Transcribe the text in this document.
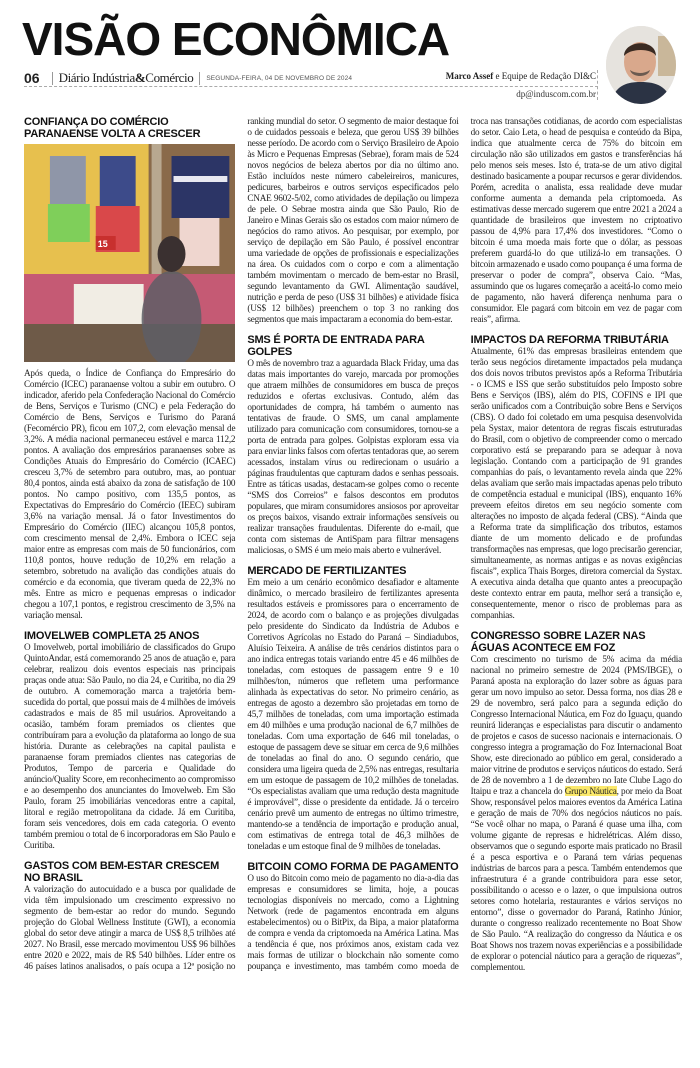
VISÃO ECONÔMICA
06 Diário Indústria&Comércio SEGUNDA-FEIRA, 04 DE NOVEMBRO DE 2024	Marco Assef e Equipe de Redação DI&C
dp@induscom.com.br
CONFIANÇA DO COMÉRCIO PARANAENSE VOLTA A CRESCER
15

Após queda, o Índice de Confiança do Empresário do Comércio (ICEC) paranaense voltou a subir em outubro. O indicador, aferido pela Confederação Nacional do Comércio de Bens, Serviços e Turismo (CNC) e pela Federação do Comércio de Bens, Serviços e Turismo do Paraná (Fecomércio PR), ficou em 107,2, com elevação mensal de 3,2%. A média nacional permaneceu estável e marca 112,2 pontos. A avaliação dos empresários paranaenses sobre as Condições Atuais do Empresário do Comércio (ICAEC) cresceu 3,7% de setembro para outubro, mas, ao pontuar 80,4 pontos, ainda está abaixo da zona de satisfação de 100 pontos. No campo positivo, com 135,5 pontos, as Expectativas do Empresário do Comércio (IEEC) subiram 3,6% na variação mensal. Já o fator Investimentos do Empresário do Comércio (IIEC) alcançou 105,8 pontos, com crescimento mensal de 2,4%. Embora o ICEC seja maior entre as empresas com mais de 50 funcionários, com 110,8 pontos, houve redução de 10,2% em relação a setembro, sobretudo na avalição das condições atuais do comércio e da economia, que tiveram queda de 22,3% no mês. Entre as micro e pequenas empresas o indicador chegou a 107,1 pontos, e registrou crescimento de 3,5% na variação mensal.

IMOVELWEB COMPLETA 25 ANOS

O Imovelweb, portal imobiliário de classificados do Grupo QuintoAndar, está comemorando 25 anos de atuação e, para celebrar, realizou dois eventos especiais nas principais praças onde atua: São Paulo, no dia 24, e Curitiba, no dia 29 de outubro. A comemoração marca a trajetória bem-sucedida do portal, que possui mais de 4 milhões de imóveis cadastrados e mais de 85 mil usuários. Aproveitando a ocasião, também foram premiados os clientes que contribuíram para a evolução da plataforma ao longo de sua história. Durante as celebrações na capital paulista e paranaense foram premiados clientes nas categorias de Produtos, Tempo de parceria e Qualidade do anúncio/Quality Score, em reconhecimento ao compromisso e ao desempenho dos anunciantes do Imovelweb. Em São Paulo, foram 25 imobiliárias vencedoras entre a capital, litoral e região metropolitana da cidade. Já em Curitiba, foram seis vencedores, dois em cada categoria. O evento também premiou o total de 6 incorporadoras em São Paulo e Curitiba.

GASTOS COM BEM-ESTAR CRESCEM NO BRASIL

A valorização do autocuidado e a busca por qualidade de vida têm impulsionado um crescimento expressivo no segmento de bem-estar ao redor do mundo. Segundo projeção do Global Wellness Institute (GWI), a economia global do setor deve atingir a marca de US$ 8,5 trilhões até 2027. No Brasil, esse mercado movimentou US$ 96 bilhões entre 2020 e 2022, mais de R$ 540 bilhões. Líder entre os 46 países latinos analisados, o país ocupa a 12ª posição no ranking mundial do setor. O segmento de maior destaque foi o de cuidados pessoais e beleza, que gerou US$ 39 bilhões nesse período. De acordo com o Serviço Brasileiro de Apoio às Micro e Pequenas Empresas (Sebrae), foram mais de 524 novos negócios de beleza abertos por dia no último ano. Estão incluídos neste número cabeleireiros, manicures, pedicures, barbeiros e outros serviços especificados pelo CNAE 9602-5/02, como atividades de depilação ou limpeza de pele. O Sebrae mostra ainda que São Paulo, Rio de Janeiro e Minas Gerais são os estados com maior número de negócios do ramo ativos. Ao pesquisar, por exemplo, por serviço de depilação em São Paulo, é possível encontrar uma variedade de opções de profissionais e especializações na área. Os cuidados com o corpo e com a alimentação também movimentam o mercado de bem-estar no Brasil, segundo levantamento da GWI. Alimentação saudável, nutrição e perda de peso (US$ 31 bilhões) e atividade física (US$ 12 bilhões) preenchem o top 3 no ranking dos segmentos que mais impactaram a economia do bem-estar.

SMS É PORTA DE ENTRADA PARA GOLPES

O mês de novembro traz a aguardada Black Friday, uma das datas mais importantes do varejo, marcada por promoções que atraem milhões de consumidores em busca de preços reduzidos e ofertas exclusivas. Contudo, além das oportunidades de compra, há também o aumento nas tentativas de fraude. O SMS, um canal amplamente utilizado para comunicação com consumidores, tornou-se a porta de entrada para golpes. Golpistas exploram essa via para enviar links falsos com ofertas tentadoras que, ao serem acessados, instalam vírus ou redirecionam o usuário a páginas fraudulentas que capturam dados e senhas pessoais. Entre as táticas usadas, destacam-se golpes como o recente “SMS dos Correios” e falsos descontos em produtos populares, que miram consumidores ansiosos por aproveitar os preços baixos, visando extrair informações sensíveis ou realizar transações fraudulentas. Diferente do e-mail, que conta com sistemas de AntiSpam para filtrar mensagens maliciosas, o SMS é um meio mais aberto e vulnerável.

MERCADO DE FERTILIZANTES

Em meio a um cenário econômico desafiador e altamente dinâmico, o mercado brasileiro de fertilizantes apresenta resultados estáveis e promissores para o encerramento de 2024, de acordo com o balanço e as projeções divulgadas pelo presidente do Sindicato da Indústria de Adubos e Corretivos Agrícolas no Estado do Paraná – Sindiadubos, Aluísio Teixeira. A análise de três cenários distintos para o ano indica entregas totais variando entre 45 e 46 milhões de toneladas, com estoques de passagem entre 9 e 10 milhões/ton, números que refletem uma performance alinhada às expectativas do setor. No primeiro cenário, as entregas de agosto a dezembro são projetadas em torno de 45,7 milhões de toneladas, com uma importação estimada em 40 milhões e uma produção nacional de 6,7 milhões de toneladas. Com uma exportação de 646 mil toneladas, o estoque de passagem deve se situar em cerca de 9,6 milhões de toneladas ao final do ano. O segundo cenário, que considera uma ligeira queda de 2,5% nas entregas, resultaria em um estoque de passagem de 10,2 milhões de toneladas. “Os especialistas avaliam que uma redução desta magnitude é improvável”, disse o presidente da entidade. Já o terceiro cenário prevê um aumento de entregas no último trimestre, mantendo-se a tendência de importação e produção anual, com estimativas de entrega total de 46,3 milhões de toneladas e um estoque final de 9 milhões de toneladas.

BITCOIN COMO FORMA DE PAGAMENTO

O uso do Bitcoin como meio de pagamento no dia-a-dia das empresas e consumidores se limita, hoje, a poucas tecnologias disponíveis no mercado, como a Lightning Network (rede de pagamentos encontrada em alguns estabelecimentos) ou o BitPix, da Bipa, a maior plataforma de compra e venda da criptomoeda na América Latina. Mas a tendência é que, nos próximos anos, existam cada vez mais formas de utilizar o blockchain não somente como poupança e investimento, mas também como moeda de troca nas transações cotidianas, de acordo com especialistas do setor. Caio Leta, o head de pesquisa e conteúdo da Bipa, indica que atualmente cerca de 75% do bitcoin em circulação não são utilizados em gastos e transferências há pelo menos seis meses. Isto é, trata-se de um ativo digital destinado basicamente a poupar recursos e gerar dividendos. Porém, acredita o analista, essa realidade deve mudar conforme aumenta a demanda pela criptomoeda. As estimativas desse mercado sugerem que entre 2021 a 2024 a quantidade de brasileiros que investem no criptoativo passou de 4,9% para 17,4% dos investidores. “Como o bitcoin é uma moeda mais forte que o dólar, as pessoas preferem guardá-lo do que utilizá-lo em transações. O bitcoin armazenado e usado como poupança é uma forma de preservar o poder de compra”, observa Caio. “Mas, assumindo que os lugares começarão a aceitá-lo como meio de pagamento, não haverá diferença nenhuma para o consumidor. Ele pagará com bitcoin em vez de pagar com reais”, afirma.

IMPACTOS DA REFORMA TRIBUTÁRIA

Atualmente, 61% das empresas brasileiras entendem que terão seus negócios diretamente impactados pela mudança dos dois novos tributos previstos após a Reforma Tributária - o ICMS e ISS que serão substituídos pelo Imposto sobre Bens e Serviços (IBS), além do PIS, COFINS e IPI que serão unificados com a Contribuição sobre Bens e Serviços (CBS). O dado foi coletado em uma pesquisa desenvolvida pela Systax, maior detentora de regras fiscais estruturadas do Brasil, com o objetivo de compreender como o mercado corporativo está se preparando para se adequar à nova legislação. Contando com a participação de 91 grandes companhias do país, o levantamento revela ainda que 22% delas avaliam que serão mais impactadas apenas pelo tributo de competência estadual e municipal (IBS), enquanto 16% preveem efeitos diretos em seu negócio somente com alterações no imposto de alçada federal (CBS). “Ainda que a Reforma trate da simplificação dos tributos, estamos diante de um momento delicado e de profundas transformações nas empresas, que logo precisarão gerenciar, simultaneamente, as normas antigas e as novas exigências fiscais”, explica Thais Borges, diretora comercial da Systax. A executiva ainda detalha que quanto antes a preocupação deste contexto entrar em pauta, melhor será a transição e, consequentemente, menor o risco de problemas para as companhias.

CONGRESSO SOBRE LAZER NAS ÁGUAS ACONTECE EM FOZ

Com crescimento no turismo de 5% acima da média nacional no primeiro semestre de 2024 (PMS/IBGE), o Paraná aposta na exploração do lazer sobre as águas para gerar um novo impulso ao setor. Dessa forma, nos dias 28 e 29 de novembro, será palco para a segunda edição do Congresso Internacional Náutica, em Foz do Iguaçu, quando reunirá lideranças e especialistas para discutir o andamento de projetos e casos de sucesso nacionais e internacionais. O congresso integra a programação do Foz Internacional Boat Show, este direcionado ao público em geral, considerado a maior vitrine de produtos e serviços náuticos do estado. Será de 28 de novembro a 1 de dezembro no Iate Clube Lago do Itaipu e traz a chancela do Grupo Náutica, por meio da Boat Show, responsável pelos maiores eventos da América Latina e geração de mais de 70% dos negócios náuticos no país. “Se você olhar no mapa, o Paraná é quase uma ilha, com volume gigante de represas e hidrelétricas. Além disso, observamos que o segundo esporte mais praticado no Brasil é a pesca esportiva e o Paraná tem várias pequenas indústrias de barcos para a pesca. Também entendemos que infraestrutura é a grande contribuidora para esse setor, possibilitando o acesso e o lazer, o que impulsiona outros setores como hotelaria, restaurantes e vários serviços no entorno”, disse o governador do Paraná, Ratinho Júnior, durante o congresso realizado recentemente no Boat Show de São Paulo. “A realização do congresso da Náutica e os Boat Shows nos trazem novas experiências e a possibilidade de explorar o potencial náutico para a geração de riquezas”, complementou.
